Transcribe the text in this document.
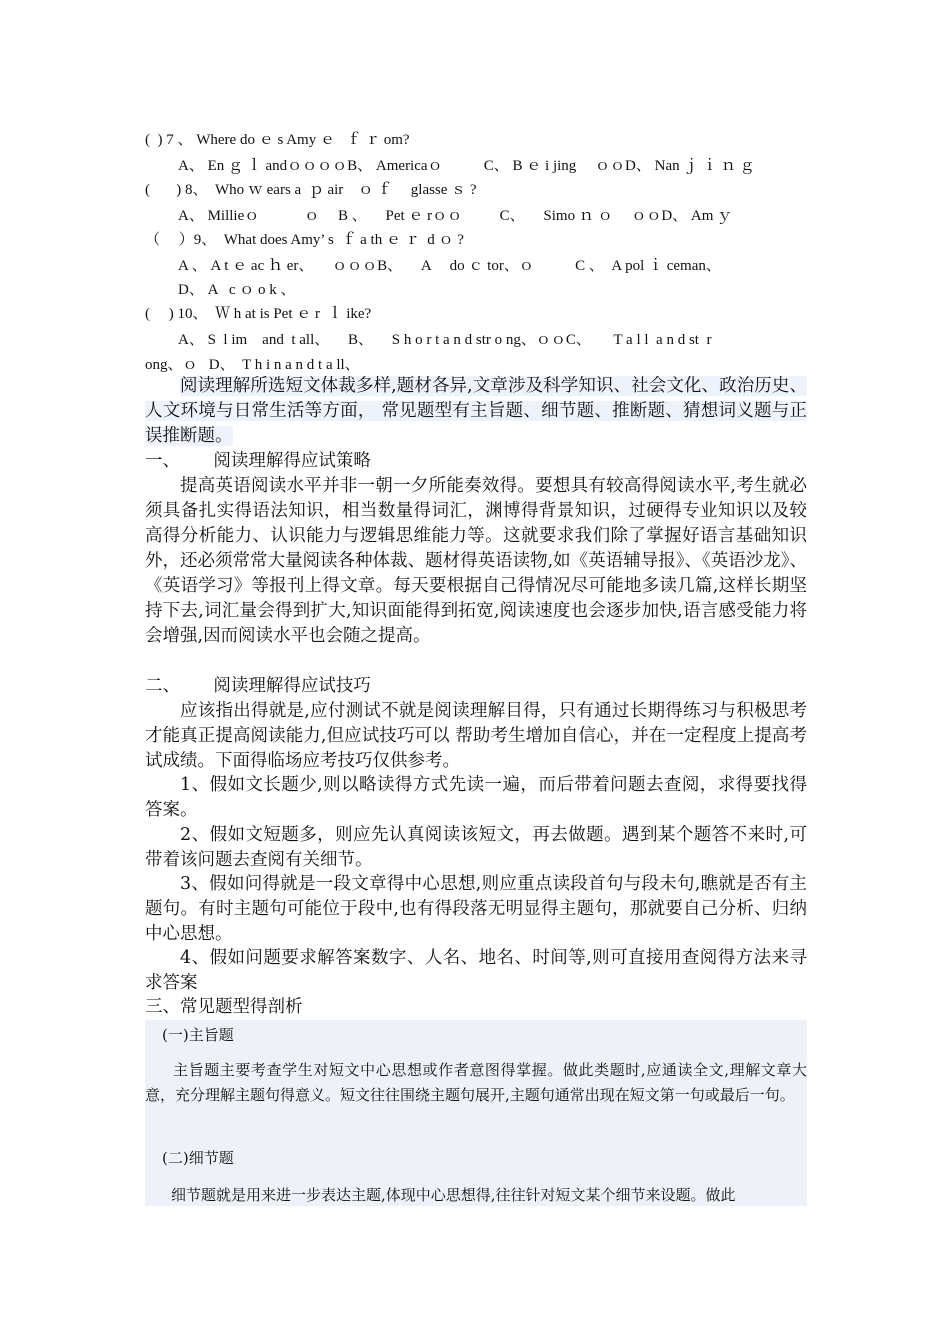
(  ) 7 、 Where do ｅ s Amy ｅ   ｆ ｒ om?
A、 En ｇ ｌ andｏｏｏｏB、 Americaｏ           C、 B ｅ i jing     ｏｏD、 Nan ｊ ｉ ｎ ｇ
(       ) 8、  Who ｗ ears a  ｐ air    ｏ ｆ     glasse ｓ ?
A、 Millieｏ            ｏ     B 、     Pet ｅ rｏｏ          C、     Simo ｎ ｏ     ｏｏD、 Am ｙ
（     ）9、  What does Amy’ s  ｆ a th ｅ ｒ  d ｏ ?
A 、 A t ｅ ac ｈ er、     ｏｏｏB、     A     do ｃ tor、ｏ           C 、  A pol ｉ ceman、
D、 A   c ｏ o k 、
(     ) 10、  Ｗ h at is Pet ｅ r  ｌ ike?
A、 S  l im    and  t all、     B、     S h o r t a n d str o ng、ｏｏC、      T a l l  a n d st  r
ong、ｏ   D、  T h i n a n d t a ll、
阅读理解所选短文体裁多样,题材各异,文章涉及科学知识、社会文化、政治历史、人文环境与日常生活等方面， 常见题型有主旨题、细节题、推断题、猜想词义题与正误推断题。
一、      阅读理解得应试策略
提高英语阅读水平并非一朝一夕所能奏效得。要想具有较高得阅读水平,考生就必须具备扎实得语法知识，相当数量得词汇，渊博得背景知识，过硬得专业知识以及较高得分析能力、认识能力与逻辑思维能力等。这就要求我们除了掌握好语言基础知识外，还必须常常大量阅读各种体裁、题材得英语读物,如《英语辅导报》、《英语沙龙》、《英语学习》等报刊上得文章。每天要根据自己得情况尽可能地多读几篇,这样长期坚持下去,词汇量会得到扩大,知识面能得到拓宽,阅读速度也会逐步加快,语言感受能力将会增强,因而阅读水平也会随之提高。
二、      阅读理解得应试技巧
应该指出得就是,应付测试不就是阅读理解目得，只有通过长期得练习与积极思考才能真正提高阅读能力,但应试技巧可以 帮助考生增加自信心，并在一定程度上提高考试成绩。下面得临场应考技巧仅供参考。
1、假如文长题少,则以略读得方式先读一遍，而后带着问题去查阅，求得要找得答案。
2、假如文短题多，则应先认真阅读该短文，再去做题。遇到某个题答不来时,可带着该问题去查阅有关细节。
3、假如问得就是一段文章得中心思想,则应重点读段首句与段未句,瞧就是否有主题句。有时主题句可能位于段中,也有得段落无明显得主题句，那就要自己分析、归纳中心思想。
4、假如问题要求解答案数字、人名、地名、时间等,则可直接用查阅得方法来寻求答案
三、常见题型得剖析
(一)主旨题
主旨题主要考查学生对短文中心思想或作者意图得掌握。做此类题时,应通读全文,理解文章大意，充分理解主题句得意义。短文往往围绕主题句展开,主题句通常出现在短文第一句或最后一句。
(二)细节题
细节题就是用来进一步表达主题,体现中心思想得,往往针对短文某个细节来设题。做此
